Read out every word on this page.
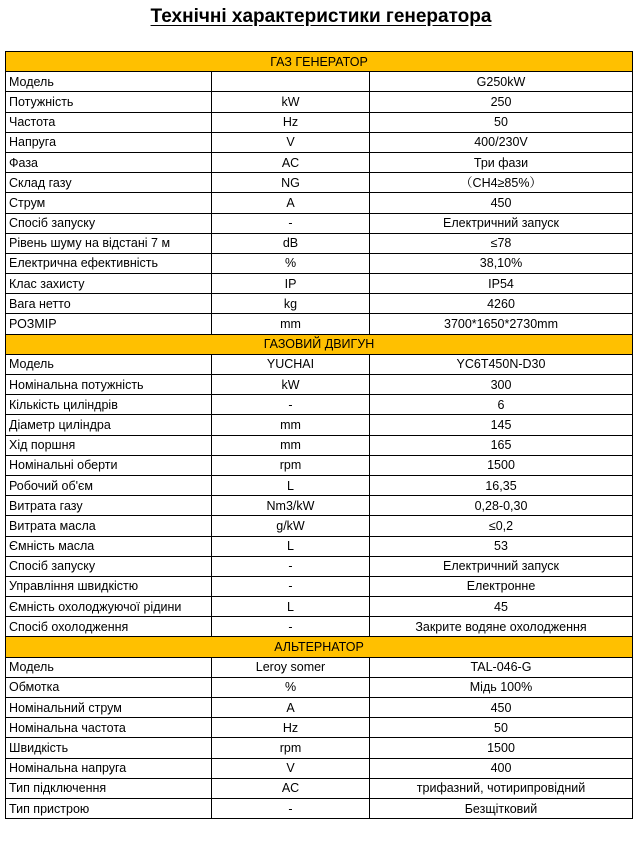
Технічні характеристики генератора
ГАЗ ГЕНЕРАТОР		
Модель		G250kW
Потужність	kW	250
Частота	Hz	50
Напруга	V	400/230V
Фаза	AC	Три фази
Склад газу	NG	（CH4≥85%）
Струм	A	450
Спосіб запуску	-	Електричний запуск
Рівень шуму на відстані 7 м	dB	≤78
Електрична ефективність	%	38,10%
Клас захисту	IP	IP54
Вага нетто	kg	4260
РОЗМІР	mm	3700*1650*2730mm
ГАЗОВИЙ ДВИГУН		
Модель	YUCHAI	YC6T450N-D30
Номінальна потужність	kW	300
Кількість циліндрів	-	6
Діаметр циліндра	mm	145
Хід поршня	mm	165
Номінальні оберти	rpm	1500
Робочий об'єм	L	16,35
Витрата газу	Nm3/kW	0,28-0,30
Витрата масла	g/kW	≤0,2
Ємність масла	L	53
Спосіб запуску	-	Електричний запуск
Управління швидкістю	-	Електронне
Ємність охолоджуючої рідини	L	45
Спосіб охолодження	-	Закрите водяне охолодження
АЛЬТЕРНАТОР		
Модель	Leroy somer	TAL-046-G
Обмотка	%	Мідь 100%
Номінальний струм	A	450
Номінальна частота	Hz	50
Швидкість	rpm	1500
Номінальна напруга	V	400
Тип підключення	AC	трифазний, чотирипровідний
Тип пристрою	-	Безщітковий
